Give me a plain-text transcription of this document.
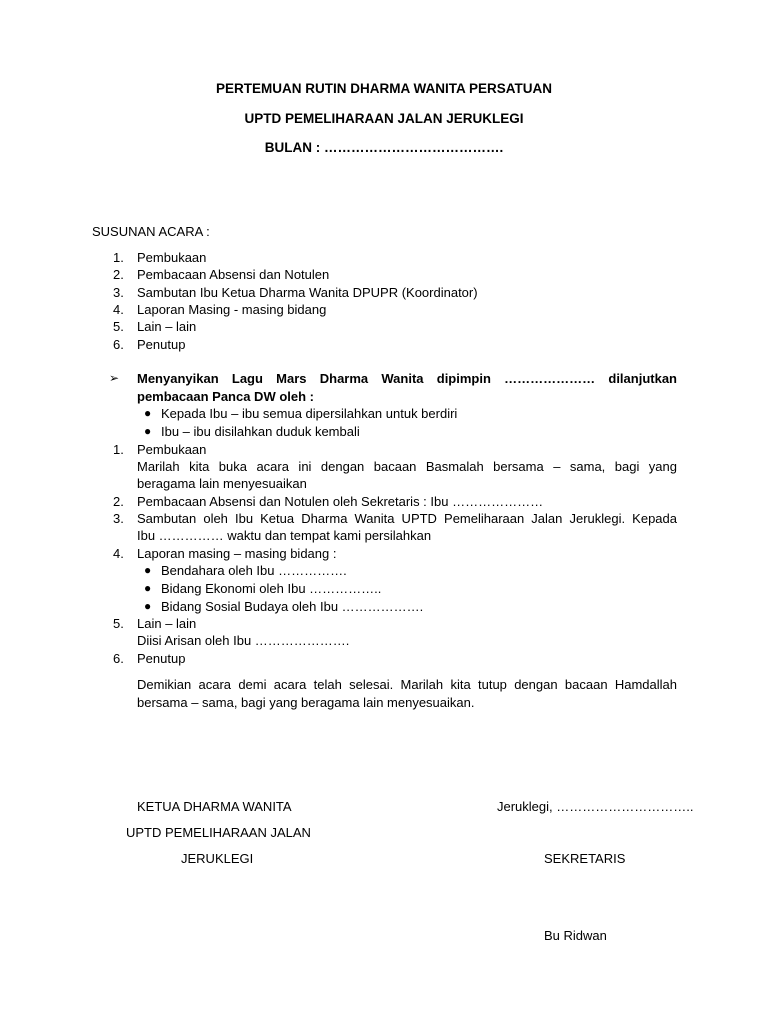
PERTEMUAN RUTIN DHARMA WANITA PERSATUAN
UPTD PEMELIHARAAN JALAN JERUKLEGI
BULAN : ………………………………….
SUSUNAN ACARA :
1. Pembukaan
2. Pembacaan Absensi dan Notulen
3. Sambutan Ibu Ketua Dharma Wanita DPUPR (Koordinator)
4. Laporan Masing - masing bidang
5. Lain – lain
6. Penutup
➢ Menyanyikan Lagu Mars Dharma Wanita dipimpin ………………… dilanjutkan
pembacaan Panca DW oleh :
● Kepada Ibu – ibu semua dipersilahkan untuk berdiri
● Ibu – ibu disilahkan duduk kembali
1. Pembukaan
Marilah kita buka acara ini dengan bacaan Basmalah bersama – sama, bagi yang
beragama lain menyesuaikan
2. Pembacaan Absensi dan Notulen oleh Sekretaris : Ibu …………………
3. Sambutan oleh Ibu Ketua Dharma Wanita UPTD Pemeliharaan Jalan Jeruklegi. Kepada
Ibu …………… waktu dan tempat kami persilahkan
4. Laporan masing – masing bidang :
● Bendahara oleh Ibu …………….
● Bidang Ekonomi oleh Ibu ……………..
● Bidang Sosial Budaya oleh Ibu ……………….
5. Lain – lain
Diisi Arisan oleh Ibu ………………….
6. Penutup
Demikian acara demi acara telah selesai. Marilah kita tutup dengan bacaan Hamdallah
bersama – sama, bagi yang beragama lain menyesuaikan.
KETUA DHARMA WANITA
UPTD PEMELIHARAAN JALAN
JERUKLEGI
Jeruklegi, …………………………..
SEKRETARIS
Bu Ridwan
